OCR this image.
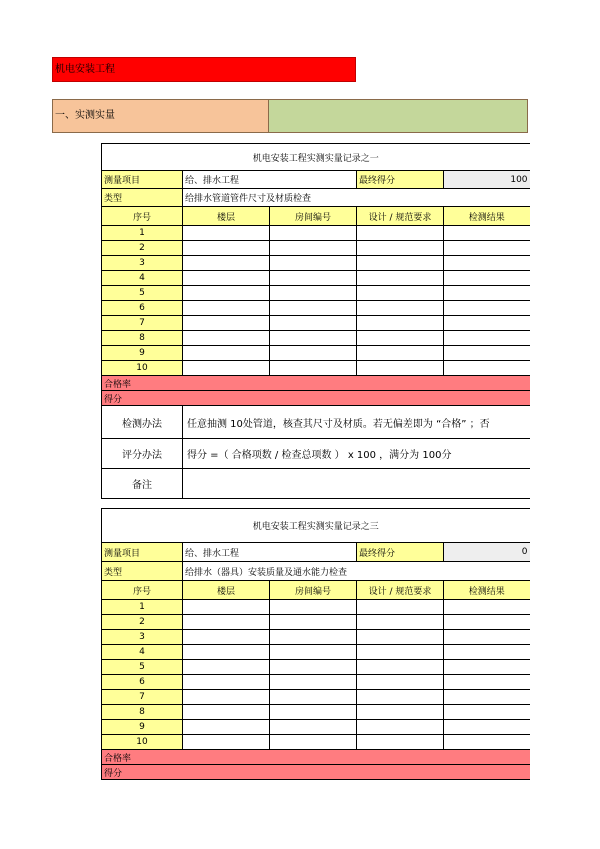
机电安装工程
一、实测实量
机电安装工程实测实量记录之一				
测量项目	给、排水工程		最终得分	100
类型	给排水管道管件尺寸及材质检查			
序号	楼层	房间编号	设计 / 规范要求	检测结果
1				
2				
3				
4				
5				
6				
7				
8				
9				
10				
合格率				
得分				
检测办法	任意抽测 10处管道，核查其尺寸及材质。若无偏差即为 “合格” ；否			
评分办法	得分 =（ 合格项数 / 检查总项数 ） x 100 ，满分为 100分			
备注				
机电安装工程实测实量记录之三				
测量项目	给、排水工程		最终得分	0
类型	给排水（器具）安装质量及通水能力检查			
序号	楼层	房间编号	设计 / 规范要求	检测结果
1				
2				
3				
4				
5				
6				
7				
8				
9				
10				
合格率				
得分				
